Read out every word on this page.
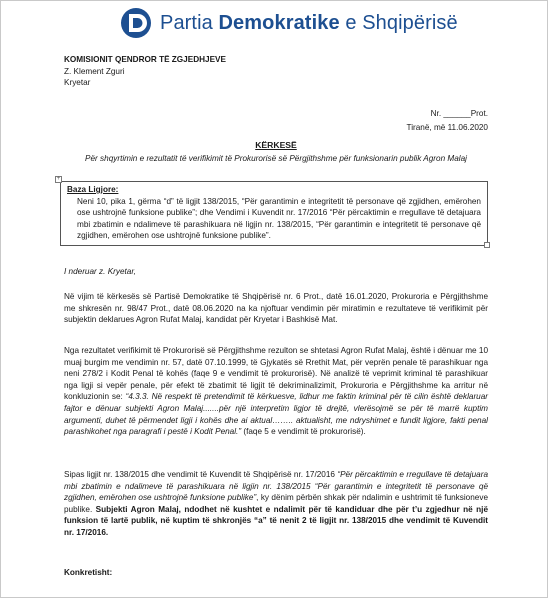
Partia Demokratike e Shqipërisë
KOMISIONIT QENDROR TË ZGJEDHJEVE
Z. Klement Zguri
Kryetar
Nr. ______Prot.
Tiranë, më 11.06.2020
KËRKESË
Për shqyrtimin e rezultatit të verifikimit të Prokurorisë së Përgjithshme për funksionarin publik Agron Malaj
+
Baza Ligjore:
Neni 10, pika 1, gërma “d” të ligjit 138/2015, “Për garantimin e integritetit të personave që zgjidhen, emërohen ose ushtrojnë funksione publike”; dhe Vendimi i Kuvendit nr. 17/2016 “Për përcaktimin e rregullave të detajuara mbi zbatimin e ndalimeve të parashikuara në ligjin nr. 138/2015, “Për garantimin e integritetit të personave që zgjidhen, emërohen ose ushtrojnë funksione publike”.
I nderuar z. Kryetar,
Në vijim të kërkesës së Partisë Demokratike të Shqipërisë nr. 6 Prot., datë 16.01.2020, Prokuroria e Përgjithshme me shkresën nr. 98/47 Prot., datë 08.06.2020 na ka njoftuar vendimin për miratimin e rezultateve të verifikimit për subjektin deklarues Agron Rufat Malaj, kandidat për Kryetar i Bashkisë Mat.
Nga rezultatet verifikimit të Prokurorisë së Përgjithshme rezulton se shtetasi Agron Rufat Malaj, është i dënuar me 10 muaj burgim me vendimin nr. 57, datë 07.10.1999, të Gjykatës së Rrethit Mat, për veprën penale të parashikuar nga neni 278/2 i Kodit Penal të kohës (faqe 9 e vendimit të prokurorisë). Në analizë të veprimit kriminal të parashikuar nga ligji si vepër penale, për efekt të zbatimit të ligjit të dekriminalizimit, Prokuroria e Përgjithshme ka arritur në konkluzionin se: “4.3.3. Në respekt të pretendimit të kërkuesve, lidhur me faktin kriminal për të cilin është deklaruar fajtor e dënuar subjekti Agron Malaj.......për një interpretim ligjor të drejtë, vlerësojmë se për të marrë kuptim argumenti, duhet të përmendet ligji i kohës dhe ai aktual…….. aktualisht, me ndryshimet e fundit ligjore, fakti penal parashikohet nga paragrafi i pestë i Kodit Penal.” (faqe 5 e vendimit të prokurorisë).
Sipas ligjit nr. 138/2015 dhe vendimit të Kuvendit të Shqipërisë nr. 17/2016 “Për përcaktimin e rregullave të detajuara mbi zbatimin e ndalimeve të parashikuara në ligjin nr. 138/2015 “Për garantimin e integritetit të personave që zgjidhen, emërohen ose ushtrojnë funksione publike”, ky dënim përbën shkak për ndalimin e ushtrimit të funksioneve publike. Subjekti Agron Malaj, ndodhet në kushtet e ndalimit për të kandiduar dhe për t’u zgjedhur në një funksion të lartë publik, në kuptim të shkronjës “a” të nenit 2 të ligjit nr. 138/2015 dhe vendimit të Kuvendit nr. 17/2016.
Konkretisht:
